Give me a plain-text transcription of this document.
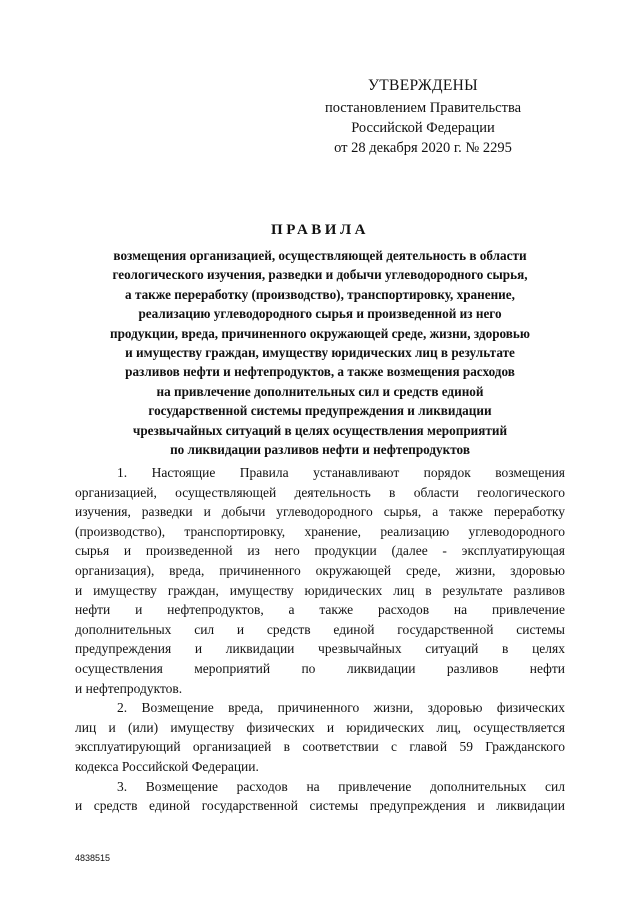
УТВЕРЖДЕНЫ
постановлением Правительства
Российской Федерации
от 28 декабря 2020 г. № 2295
ПРАВИЛА
возмещения организацией, осуществляющей деятельность в области
геологического изучения, разведки и добычи углеводородного сырья,
а также переработку (производство), транспортировку, хранение,
реализацию углеводородного сырья и произведенной из него
продукции, вреда, причиненного окружающей среде, жизни, здоровью
и имуществу граждан, имуществу юридических лиц в результате
разливов нефти и нефтепродуктов, а также возмещения расходов
на привлечение дополнительных сил и средств единой
государственной системы предупреждения и ликвидации
чрезвычайных ситуаций в целях осуществления мероприятий
по ликвидации разливов нефти и нефтепродуктов
1. Настоящие Правила устанавливают порядок возмещения
организацией, осуществляющей деятельность в области геологического
изучения, разведки и добычи углеводородного сырья, а также переработку
(производство), транспортировку, хранение, реализацию углеводородного
сырья и произведенной из него продукции (далее - эксплуатирующая
организация), вреда, причиненного окружающей среде, жизни, здоровью
и имуществу граждан, имуществу юридических лиц в результате разливов
нефти и нефтепродуктов, а также расходов на привлечение
дополнительных сил и средств единой государственной системы
предупреждения и ликвидации чрезвычайных ситуаций в целях
осуществления мероприятий по ликвидации разливов нефти
и нефтепродуктов.
2. Возмещение вреда, причиненного жизни, здоровью физических
лиц и (или) имуществу физических и юридических лиц, осуществляется
эксплуатирующий организацией в соответствии с главой 59 Гражданского
кодекса Российской Федерации.
3. Возмещение расходов на привлечение дополнительных сил
и средств единой государственной системы предупреждения и ликвидации
4838515
